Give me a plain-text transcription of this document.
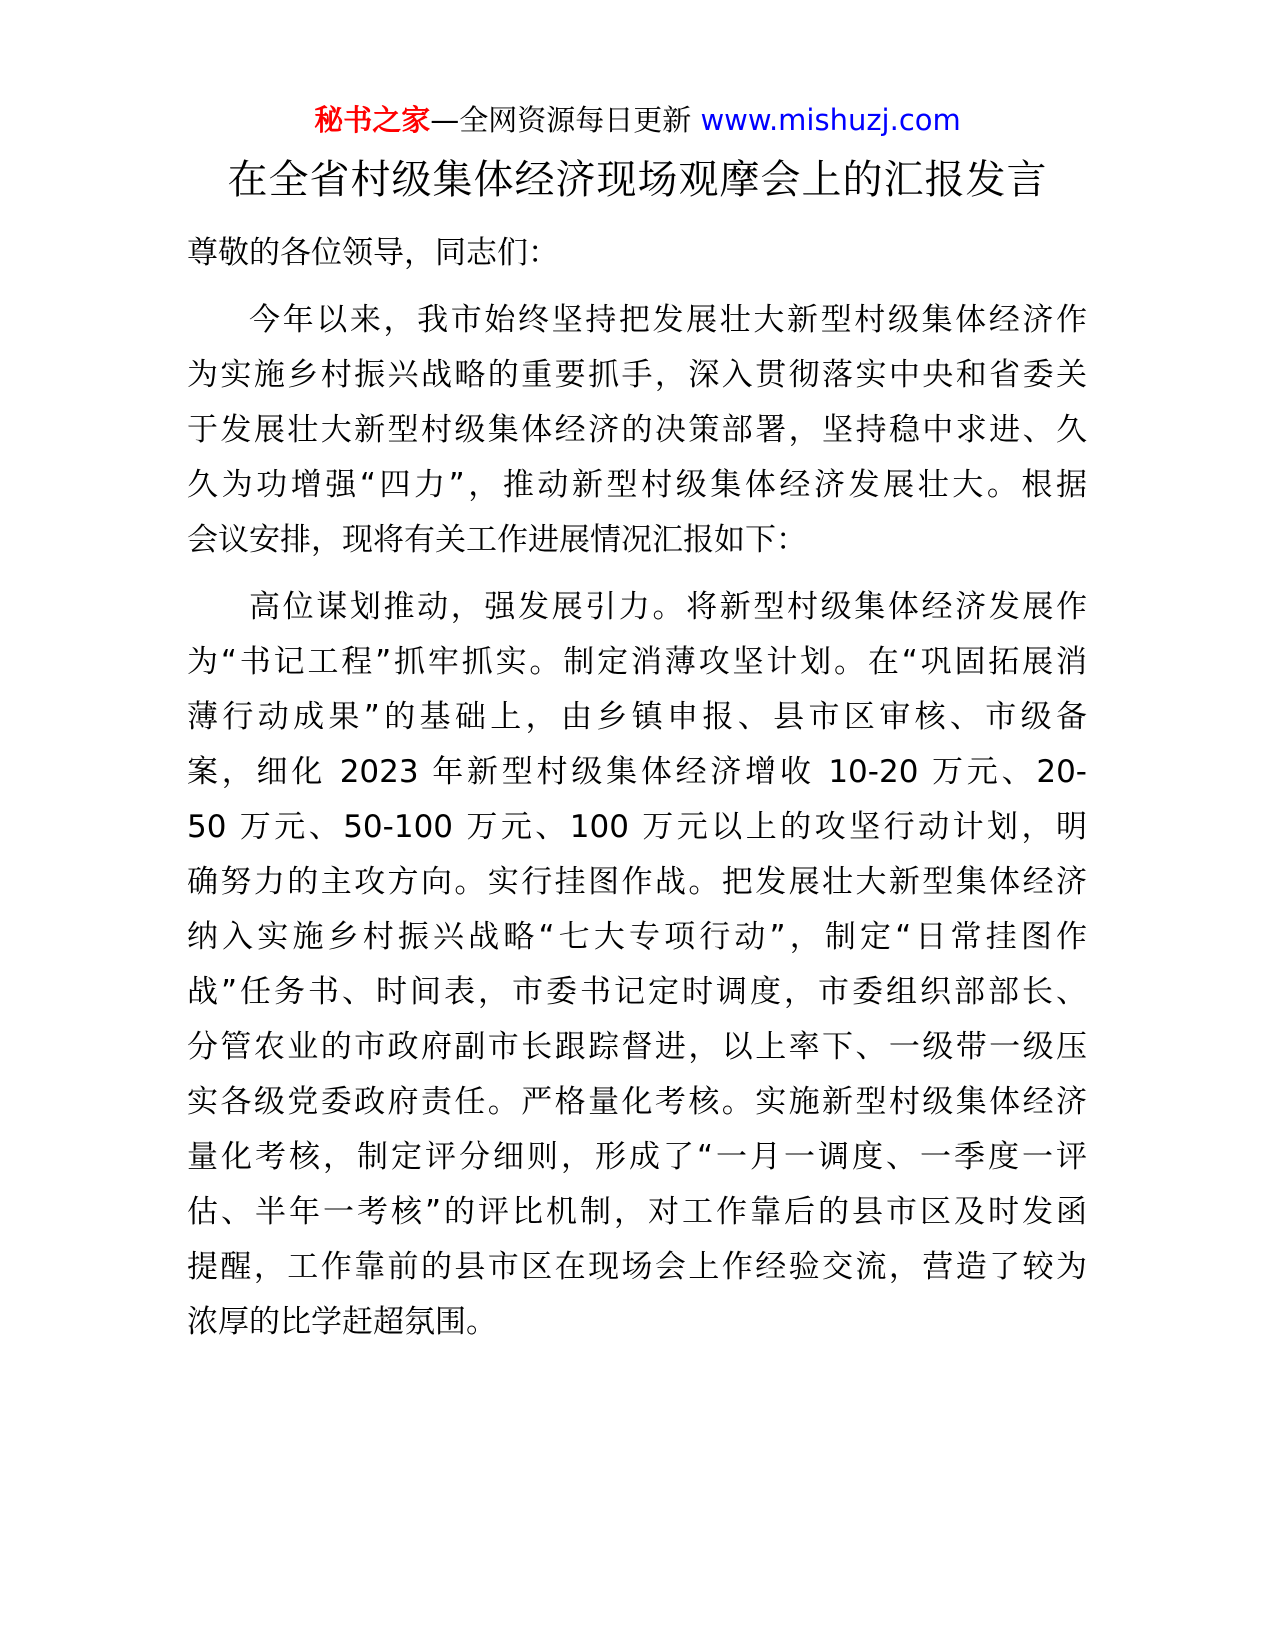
秘书之家—全网资源每日更新 www.mishuzj.com
在全省村级集体经济现场观摩会上的汇报发言
尊敬的各位领导，同志们：
今年以来，我市始终坚持把发展壮大新型村级集体经济作
为实施乡村振兴战略的重要抓手，深入贯彻落实中央和省委关
于发展壮大新型村级集体经济的决策部署，坚持稳中求进、久
久为功增强“四力”，推动新型村级集体经济发展壮大。根据
会议安排，现将有关工作进展情况汇报如下：
高位谋划推动，强发展引力。将新型村级集体经济发展作
为“书记工程”抓牢抓实。制定消薄攻坚计划。在“巩固拓展消
薄行动成果”的基础上，由乡镇申报、县市区审核、市级备
案，细化 2023 年新型村级集体经济增收 10-20 万元、20-
50 万元、50-100 万元、100 万元以上的攻坚行动计划，明
确努力的主攻方向。实行挂图作战。把发展壮大新型集体经济
纳入实施乡村振兴战略“七大专项行动”，制定“日常挂图作
战”任务书、时间表，市委书记定时调度，市委组织部部长、
分管农业的市政府副市长跟踪督进，以上率下、一级带一级压
实各级党委政府责任。严格量化考核。实施新型村级集体经济
量化考核，制定评分细则，形成了“一月一调度、一季度一评
估、半年一考核”的评比机制，对工作靠后的县市区及时发函
提醒，工作靠前的县市区在现场会上作经验交流，营造了较为
浓厚的比学赶超氛围。
